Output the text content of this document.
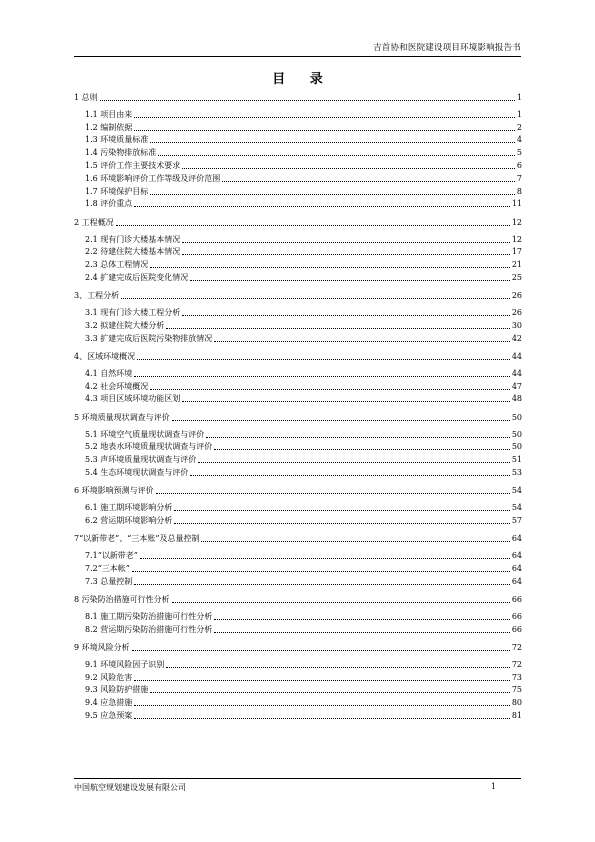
吉首协和医院建设项目环境影响报告书
目 录
1 总则	1
1.1 项目由来	1
1.2 编制依据	2
1.3 环境质量标准	4
1.4 污染物排放标准	5
1.5 评价工作主要技术要求	6
1.6 环境影响评价工作等级及评价范围	7
1.7 环境保护目标	8
1.8 评价重点	11
2 工程概况	12
2.1 现有门诊大楼基本情况	12
2.2 待建住院大楼基本情况	17
2.3 总体工程情况	21
2.4 扩建完成后医院变化情况	25
3、工程分析	26
3.1 现有门诊大楼工程分析	26
3.2 拟建住院大楼分析	30
3.3 扩建完成后医院污染物排放情况	42
4、区域环境概况	44
4.1 自然环境	44
4.2 社会环境概况	47
4.3 项目区域环境功能区划	48
5 环境质量现状调查与评价	50
5.1 环境空气质量现状调查与评价	50
5.2 地表水环境质量现状调查与评价	50
5.3 声环境质量现状调查与评价	51
5.4 生态环境现状调查与评价	53
6 环境影响预测与评价	54
6.1 施工期环境影响分析	54
6.2 营运期环境影响分析	57
7“以新带老”、“三本账”及总量控制	64
7.1“以新带老”	64
7.2“三本帐”	64
7.3 总量控制	64
8 污染防治措施可行性分析	66
8.1 施工期污染防治措施可行性分析	66
8.2 营运期污染防治措施可行性分析	66
9 环境风险分析	72
9.1 环境风险因子识别	72
9.2 风险危害	73
9.3 风险防护措施	75
9.4 应急措施	80
9.5 应急预案	81
中国航空规划建设发展有限公司	1
